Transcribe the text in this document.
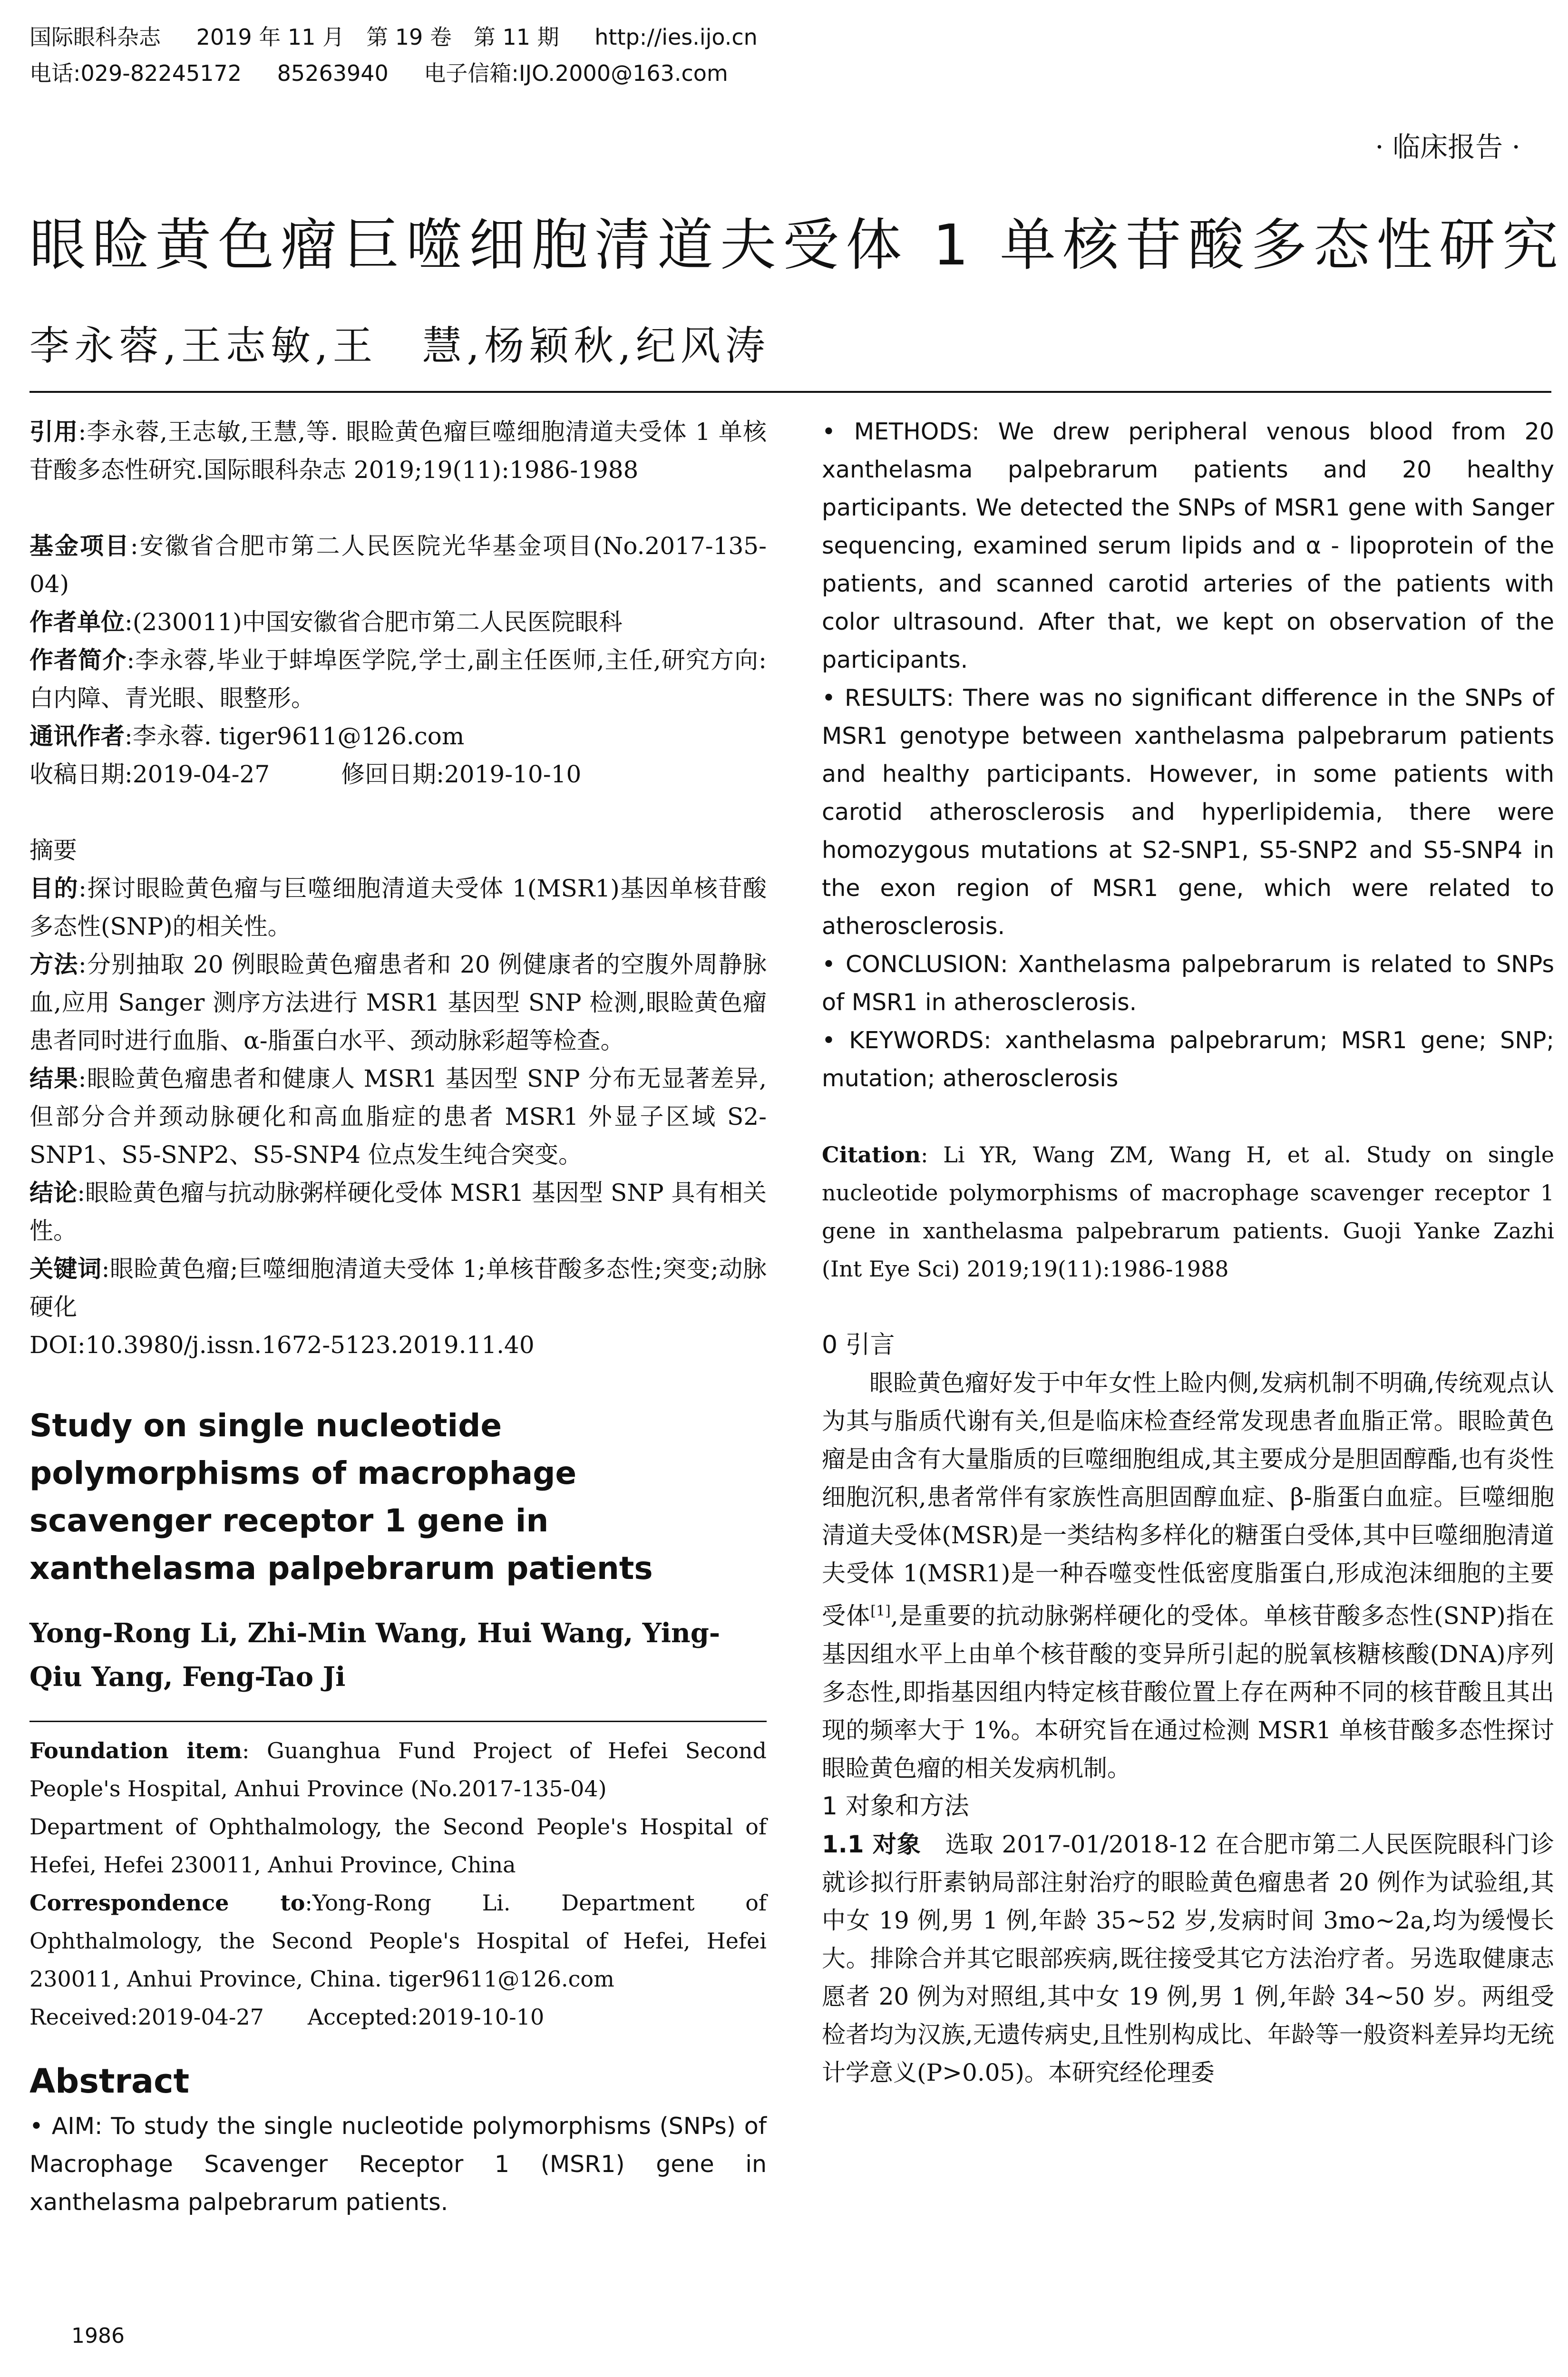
国际眼科杂志 2019 年 11 月　第 19 卷　第 11 期 http://ies.ijo.cn
电话:029-82245172 85263940 电子信箱:IJO.2000@163.com
· 临床报告 ·
眼睑黄色瘤巨噬细胞清道夫受体 1 单核苷酸多态性研究
李永蓉,王志敏,王　慧,杨颖秋,纪风涛

引用:李永蓉,王志敏,王慧,等. 眼睑黄色瘤巨噬细胞清道夫受体 1 单核苷酸多态性研究.国际眼科杂志 2019;19(11):1986-1988

基金项目:安徽省合肥市第二人民医院光华基金项目(No.2017-135-04)

作者单位:(230011)中国安徽省合肥市第二人民医院眼科

作者简介:李永蓉,毕业于蚌埠医学院,学士,副主任医师,主任,研究方向:白内障、青光眼、眼整形。

通讯作者:李永蓉. tiger9611@126.com

收稿日期:2019-04-27　　　修回日期:2019-10-10

摘要

目的:探讨眼睑黄色瘤与巨噬细胞清道夫受体 1(MSR1)基因单核苷酸多态性(SNP)的相关性。

方法:分别抽取 20 例眼睑黄色瘤患者和 20 例健康者的空腹外周静脉血,应用 Sanger 测序方法进行 MSR1 基因型 SNP 检测,眼睑黄色瘤患者同时进行血脂、α-脂蛋白水平、颈动脉彩超等检查。

结果:眼睑黄色瘤患者和健康人 MSR1 基因型 SNP 分布无显著差异,但部分合并颈动脉硬化和高血脂症的患者 MSR1 外显子区域 S2-SNP1、S5-SNP2、S5-SNP4 位点发生纯合突变。

结论:眼睑黄色瘤与抗动脉粥样硬化受体 MSR1 基因型 SNP 具有相关性。

关键词:眼睑黄色瘤;巨噬细胞清道夫受体 1;单核苷酸多态性;突变;动脉硬化

DOI:10.3980/j.issn.1672-5123.2019.11.40

Study on single nucleotide polymorphisms of macrophage scavenger receptor 1 gene in xanthelasma palpebrarum patients

Yong-Rong Li, Zhi-Min Wang, Hui Wang, Ying-Qiu Yang, Feng-Tao Ji

Foundation item: Guanghua Fund Project of Hefei Second People's Hospital, Anhui Province (No.2017-135-04)

Department of Ophthalmology, the Second People's Hospital of Hefei, Hefei 230011, Anhui Province, China

Correspondence to:Yong-Rong Li. Department of Ophthalmology, the Second People's Hospital of Hefei, Hefei 230011, Anhui Province, China. tiger9611@126.com

Received:2019-04-27　　Accepted:2019-10-10

Abstract

• AIM: To study the single nucleotide polymorphisms (SNPs) of Macrophage Scavenger Receptor 1 (MSR1) gene in xanthelasma palpebrarum patients.

• METHODS: We drew peripheral venous blood from 20 xanthelasma palpebrarum patients and 20 healthy participants. We detected the SNPs of MSR1 gene with Sanger sequencing, examined serum lipids and α - lipoprotein of the patients, and scanned carotid arteries of the patients with color ultrasound. After that, we kept on observation of the participants.

• RESULTS: There was no significant difference in the SNPs of MSR1 genotype between xanthelasma palpebrarum patients and healthy participants. However, in some patients with carotid atherosclerosis and hyperlipidemia, there were homozygous mutations at S2-SNP1, S5-SNP2 and S5-SNP4 in the exon region of MSR1 gene, which were related to atherosclerosis.

• CONCLUSION: Xanthelasma palpebrarum is related to SNPs of MSR1 in atherosclerosis.

• KEYWORDS: xanthelasma palpebrarum; MSR1 gene; SNP; mutation; atherosclerosis

Citation: Li YR, Wang ZM, Wang H, et al. Study on single nucleotide polymorphisms of macrophage scavenger receptor 1 gene in xanthelasma palpebrarum patients. Guoji Yanke Zazhi (Int Eye Sci) 2019;19(11):1986-1988

0 引言

眼睑黄色瘤好发于中年女性上睑内侧,发病机制不明确,传统观点认为其与脂质代谢有关,但是临床检查经常发现患者血脂正常。眼睑黄色瘤是由含有大量脂质的巨噬细胞组成,其主要成分是胆固醇酯,也有炎性细胞沉积,患者常伴有家族性高胆固醇血症、β-脂蛋白血症。巨噬细胞清道夫受体(MSR)是一类结构多样化的糖蛋白受体,其中巨噬细胞清道夫受体 1(MSR1)是一种吞噬变性低密度脂蛋白,形成泡沫细胞的主要受体[1],是重要的抗动脉粥样硬化的受体。单核苷酸多态性(SNP)指在基因组水平上由单个核苷酸的变异所引起的脱氧核糖核酸(DNA)序列多态性,即指基因组内特定核苷酸位置上存在两种不同的核苷酸且其出现的频率大于 1%。本研究旨在通过检测 MSR1 单核苷酸多态性探讨眼睑黄色瘤的相关发病机制。

1 对象和方法

1.1 对象　选取 2017-01/2018-12 在合肥市第二人民医院眼科门诊就诊拟行肝素钠局部注射治疗的眼睑黄色瘤患者 20 例作为试验组,其中女 19 例,男 1 例,年龄 35~52 岁,发病时间 3mo~2a,均为缓慢长大。排除合并其它眼部疾病,既往接受其它方法治疗者。另选取健康志愿者 20 例为对照组,其中女 19 例,男 1 例,年龄 34~50 岁。两组受检者均为汉族,无遗传病史,且性别构成比、年龄等一般资料差异均无统计学意义(P>0.05)。本研究经伦理委

1986
